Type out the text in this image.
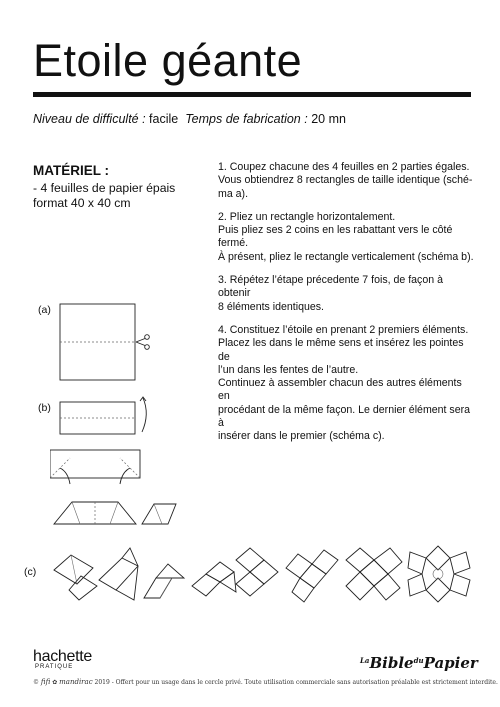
Etoile géante
Niveau de difficulté : facile Temps de fabrication : 20 mn
MATÉRIEL :
- 4 feuilles de papier épais
format 40 x 40 cm

1. Coupez chacune des 4 feuilles en 2 parties égales.
Vous obtiendrez 8 rectangles de taille identique (sché-
ma a).

2. Pliez un rectangle horizontalement.
Puis pliez ses 2 coins en les rabattant vers le côté fermé.
À présent, pliez le rectangle verticalement (schéma b).

3. Répétez l’étape précedente 7 fois, de façon à obtenir
8 éléments identiques.

4. Constituez l’étoile en prenant 2 premiers éléments.
Placez les dans le même sens et insérez les pointes de
l’un dans les fentes de l’autre.
Continuez à assembler chacun des autres éléments en
procédant de la même façon. Le dernier élément sera à
insérer dans le premier (schéma c).

(a)
(b)
(c)
hachette
PRATIQUE
$^{La}$Bible$^{du}$Papier
© fifi ✿ mandirac 2019 - Offert pour un usage dans le cercle privé. Toute utilisation commerciale sans autorisation préalable est strictement interdite.
